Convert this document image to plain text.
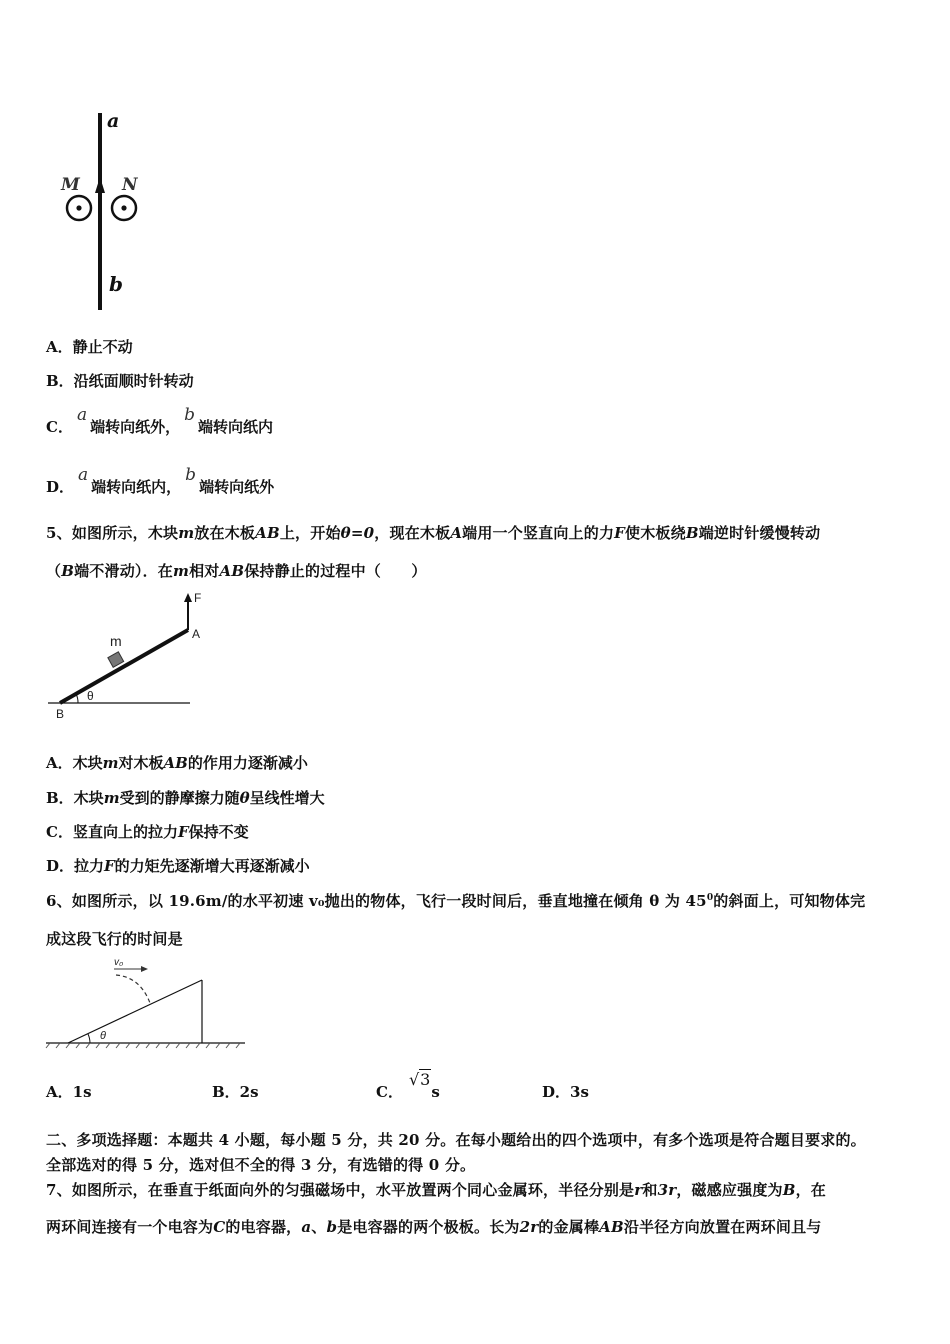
a
b
M N
A．静止不动
B．沿纸面顺时针转动
C．a端转向纸外，b端转向纸内
D．a端转向纸内，b端转向纸外
5、如图所示，木块m放在木板AB上，开始θ=0，现在木板A端用一个竖直向上的力F使木板绕B端逆时针缓慢转动
（B端不滑动）．在m相对AB保持静止的过程中（　　）
F
A
m
θ
B
A．木块m对木板AB的作用力逐渐减小
B．木块m受到的静摩擦力随θ呈线性增大
C．竖直向上的拉力F保持不变
D．拉力F的力矩先逐渐增大再逐渐减小
6、如图所示，以 19.6m/的水平初速 v₀抛出的物体，飞行一段时间后，垂直地撞在倾角 θ 为 $45^0$的斜面上，可知物体完
成这段飞行的时间是
v₀
θ
A．1s	B．2s	C．√3s	D．3s
二、多项选择题：本题共 4 小题，每小题 5 分，共 20 分。在每小题给出的四个选项中，有多个选项是符合题目要求的。
全部选对的得 5 分，选对但不全的得 3 分，有选错的得 0 分。
7、如图所示，在垂直于纸面向外的匀强磁场中，水平放置两个同心金属环，半径分别是r和3r，磁感应强度为B，在
两环间连接有一个电容为C的电容器，a、b是电容器的两个极板。长为2r的金属棒AB沿半径方向放置在两环间且与
